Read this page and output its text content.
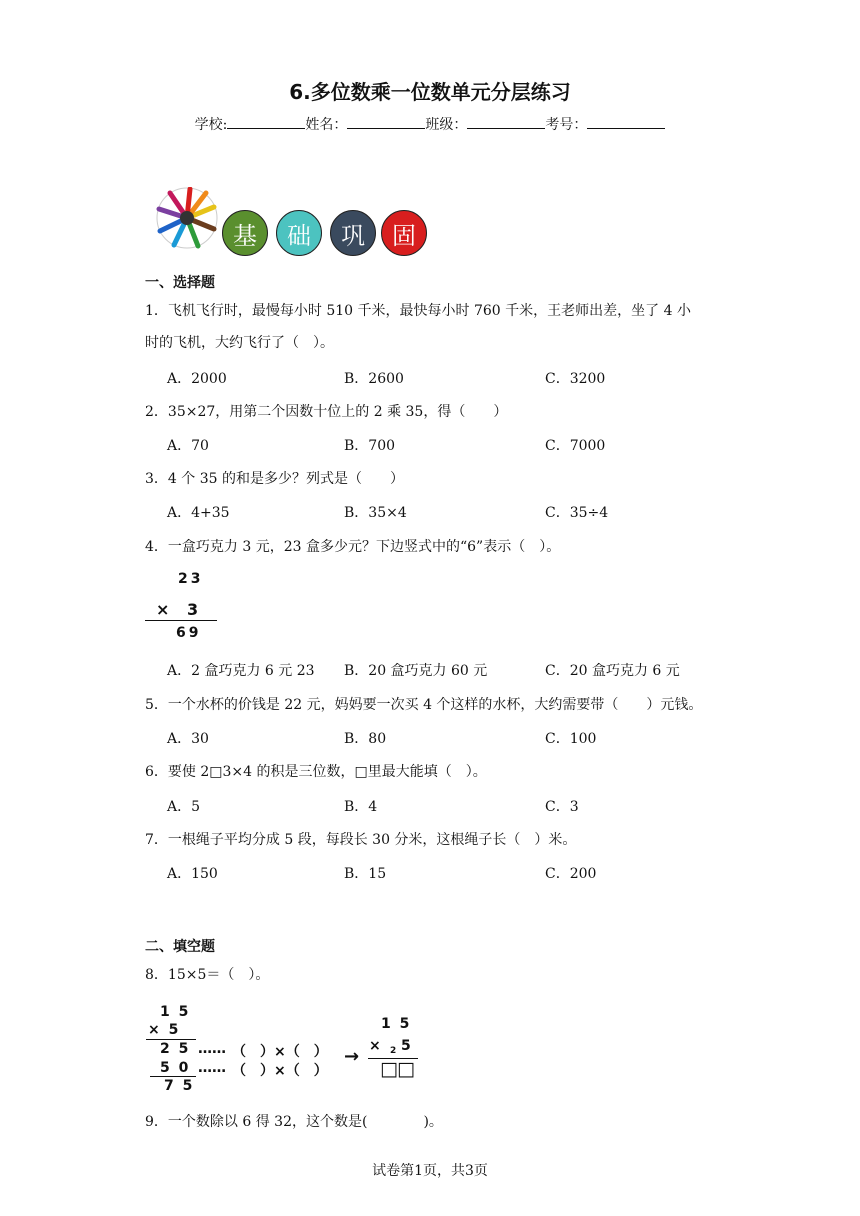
6.多位数乘一位数单元分层练习
学校:	姓名：	班级：	考号：
基	础	巩	固
一、选择题
1．飞机飞行时，最慢每小时 510 千米，最快每小时 760 千米，王老师出差，坐了 4 小
时的飞机，大约飞行了（　）。
A．2000	B．2600	C．3200
2．35×27，用第二个因数十位上的 2 乘 35，得（　　）
A．70	B．700	C．7000
3．4 个 35 的和是多少？列式是（　　）
A．4+35	B．35×4	C．35÷4
4．一盒巧克力 3 元，23 盒多少元？下边竖式中的“6”表示（　）。
23
× 3
69
A．2 盒巧克力 6 元 23 B．20 盒巧克力 60 元	C．20 盒巧克力 6 元
5．一个水杯的价钱是 22 元，妈妈要一次买 4 个这样的水杯，大约需要带（　　）元钱。
A．30	B．80	C．100
6．要使 2□3×4 的积是三位数，□里最大能填（　）。
A．5	B．4	C．3
7．一根绳子平均分成 5 段，每段长 30 分米，这根绳子长（　）米。
A．150	B．15	C．200
二、填空题
8．15×5＝（　）。
1 5
× 5
2 5 …… （　）×（　）
5 0 …… （　）×（　）
7 5
→
1 5
× 2 5
□□
9．一个数除以 6 得 32，这个数是(　　　　)。
试卷第1页，共3页
